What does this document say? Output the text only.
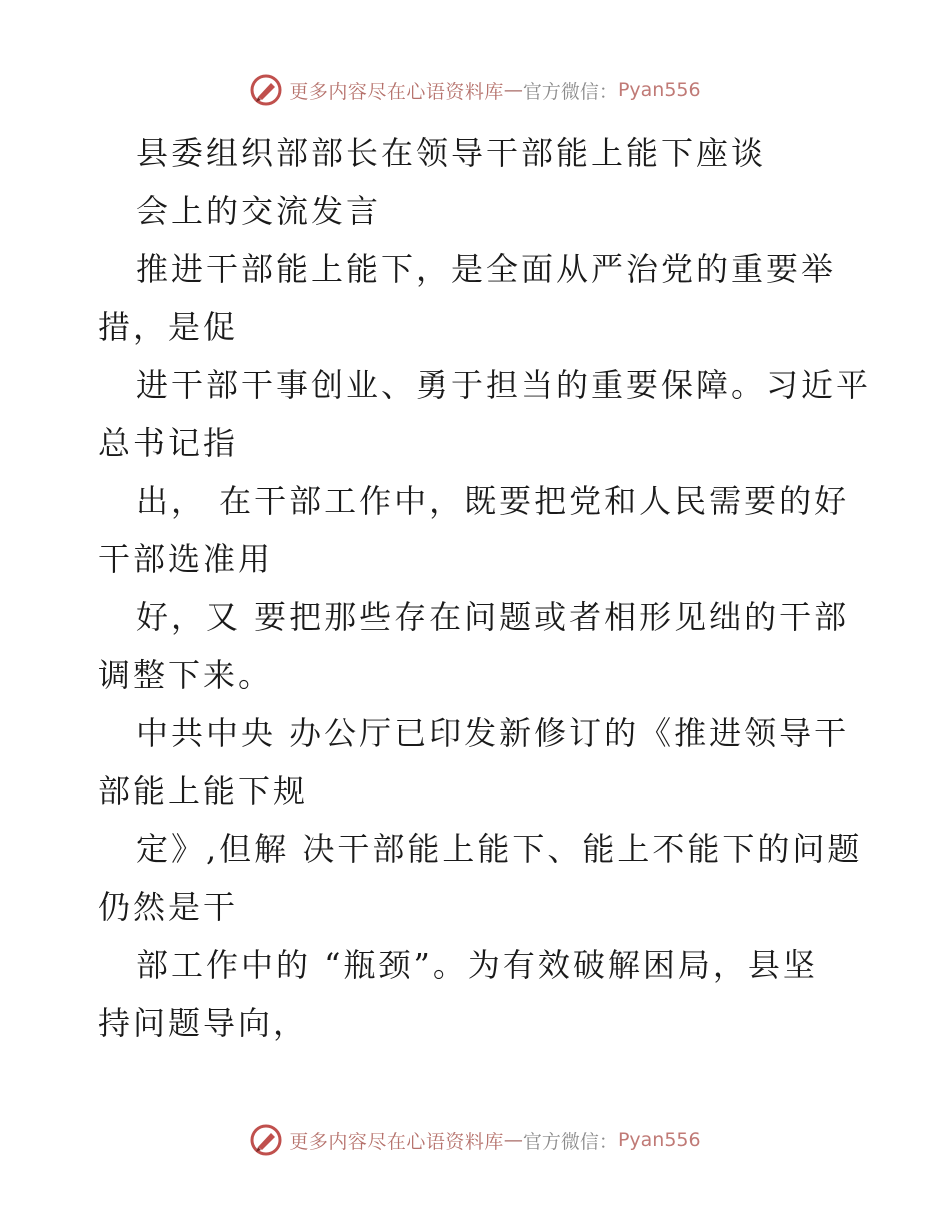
更多内容尽在心语资料库 — 官方微信： Pyan556
县委组织部部长在领导干部能上能下座谈
会上的交流发言
推进干部能上能下，是全面从严治党的重要举
措，是促
进干部干事创业、勇于担当的重要保障。习近平
总书记指
出， 在干部工作中，既要把党和人民需要的好
干部选准用
好，又 要把那些存在问题或者相形见绌的干部
调整下来。
中共中央 办公厅已印发新修订的《推进领导干
部能上能下规
定》,但解 决干部能上能下、能上不能下的问题
仍然是干
部工作中的 “瓶颈”。为有效破解困局，县坚
持问题导向，
更多内容尽在心语资料库 — 官方微信： Pyan556
